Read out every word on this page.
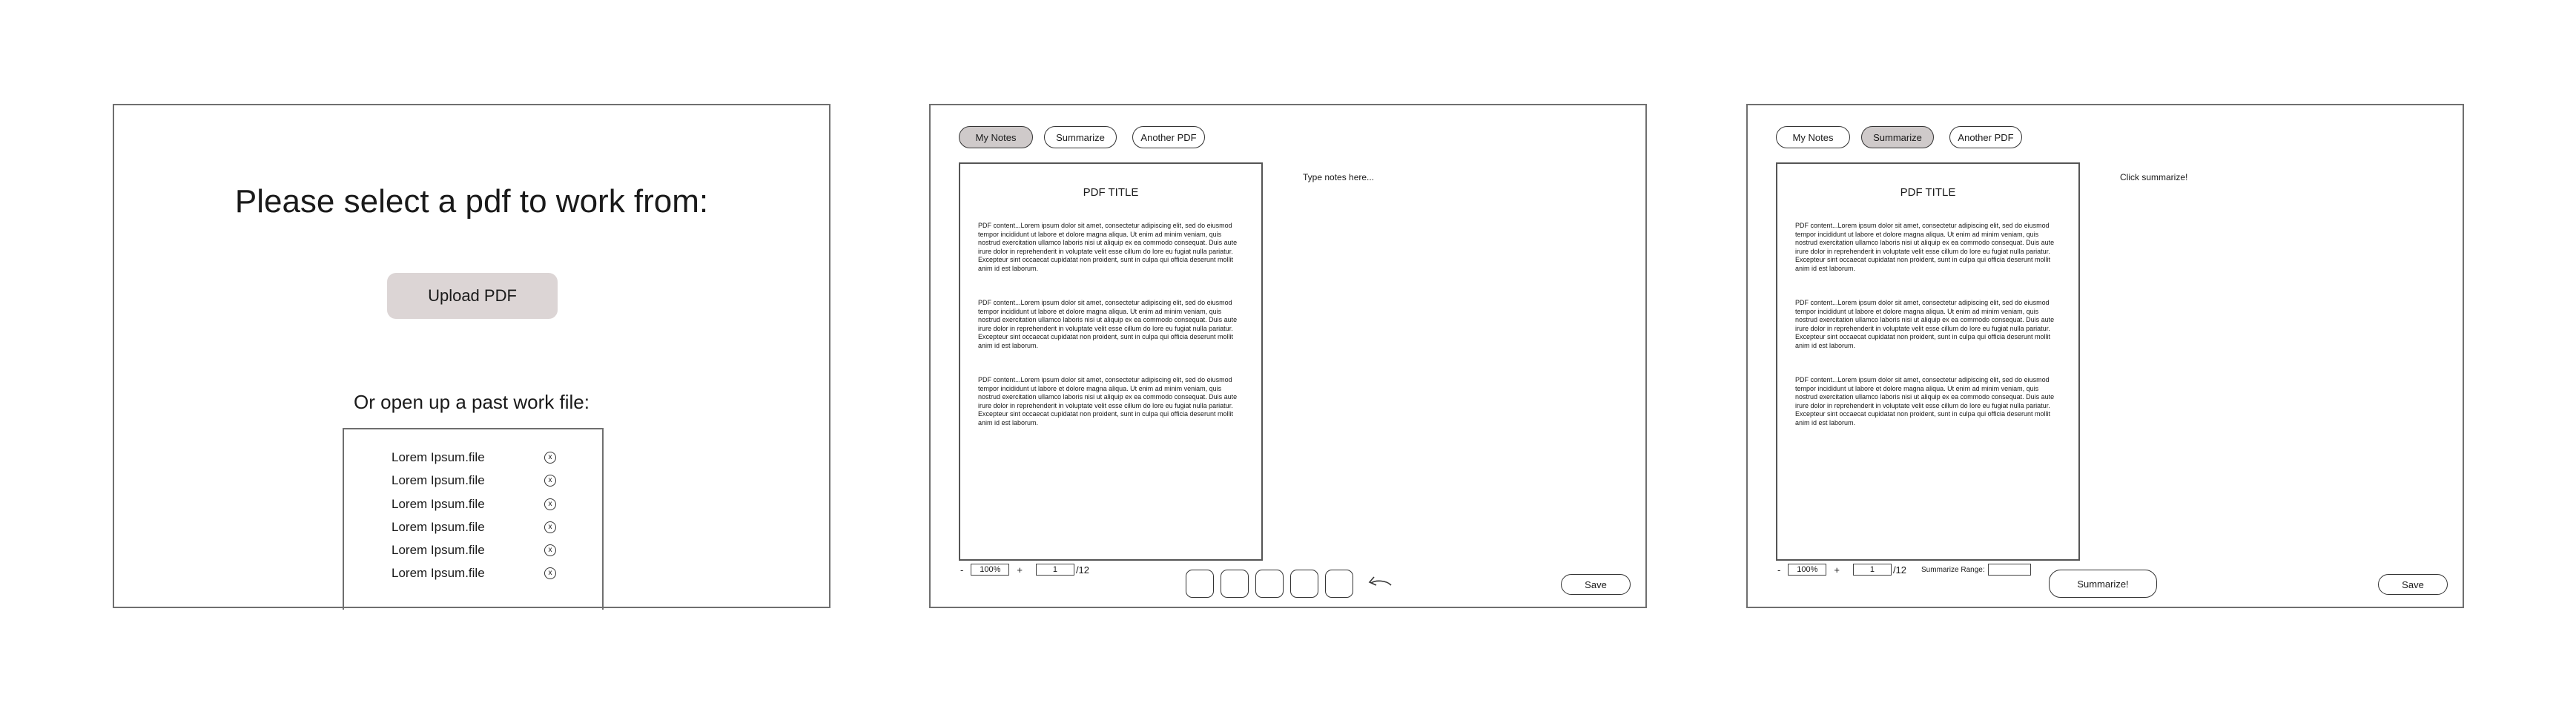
Please select a pdf to work from:
Upload PDF
Or open up a past work file:
Lorem Ipsum.file	x
Lorem Ipsum.file	x
Lorem Ipsum.file	x
Lorem Ipsum.file	x
Lorem Ipsum.file	x
Lorem Ipsum.file	x
My Notes	Summarize	Another PDF
PDF TITLE
PDF content...Lorem ipsum dolor sit amet, consectetur adipiscing elit, sed do eiusmod tempor incididunt ut labore et dolore magna aliqua. Ut enim ad minim veniam, quis nostrud exercitation ullamco laboris nisi ut aliquip ex ea commodo consequat. Duis aute irure dolor in reprehenderit in voluptate velit esse cillum do lore eu fugiat nulla pariatur. Excepteur sint occaecat cupidatat non proident, sunt in culpa qui officia deserunt mollit anim id est laborum.
PDF content...Lorem ipsum dolor sit amet, consectetur adipiscing elit, sed do eiusmod tempor incididunt ut labore et dolore magna aliqua. Ut enim ad minim veniam, quis nostrud exercitation ullamco laboris nisi ut aliquip ex ea commodo consequat. Duis aute irure dolor in reprehenderit in voluptate velit esse cillum do lore eu fugiat nulla pariatur. Excepteur sint occaecat cupidatat non proident, sunt in culpa qui officia deserunt mollit anim id est laborum.
PDF content...Lorem ipsum dolor sit amet, consectetur adipiscing elit, sed do eiusmod tempor incididunt ut labore et dolore magna aliqua. Ut enim ad minim veniam, quis nostrud exercitation ullamco laboris nisi ut aliquip ex ea commodo consequat. Duis aute irure dolor in reprehenderit in voluptate velit esse cillum do lore eu fugiat nulla pariatur. Excepteur sint occaecat cupidatat non proident, sunt in culpa qui officia deserunt mollit anim id est laborum.
Type notes here...
-	100%	+	1	/12
Save
My Notes	Summarize	Another PDF
PDF TITLE
PDF content...Lorem ipsum dolor sit amet, consectetur adipiscing elit, sed do eiusmod tempor incididunt ut labore et dolore magna aliqua. Ut enim ad minim veniam, quis nostrud exercitation ullamco laboris nisi ut aliquip ex ea commodo consequat. Duis aute irure dolor in reprehenderit in voluptate velit esse cillum do lore eu fugiat nulla pariatur. Excepteur sint occaecat cupidatat non proident, sunt in culpa qui officia deserunt mollit anim id est laborum.
PDF content...Lorem ipsum dolor sit amet, consectetur adipiscing elit, sed do eiusmod tempor incididunt ut labore et dolore magna aliqua. Ut enim ad minim veniam, quis nostrud exercitation ullamco laboris nisi ut aliquip ex ea commodo consequat. Duis aute irure dolor in reprehenderit in voluptate velit esse cillum do lore eu fugiat nulla pariatur. Excepteur sint occaecat cupidatat non proident, sunt in culpa qui officia deserunt mollit anim id est laborum.
PDF content...Lorem ipsum dolor sit amet, consectetur adipiscing elit, sed do eiusmod tempor incididunt ut labore et dolore magna aliqua. Ut enim ad minim veniam, quis nostrud exercitation ullamco laboris nisi ut aliquip ex ea commodo consequat. Duis aute irure dolor in reprehenderit in voluptate velit esse cillum do lore eu fugiat nulla pariatur. Excepteur sint occaecat cupidatat non proident, sunt in culpa qui officia deserunt mollit anim id est laborum.
Click summarize!
-	100%	+	1	/12 Summarize Range:
Summarize!	Save
